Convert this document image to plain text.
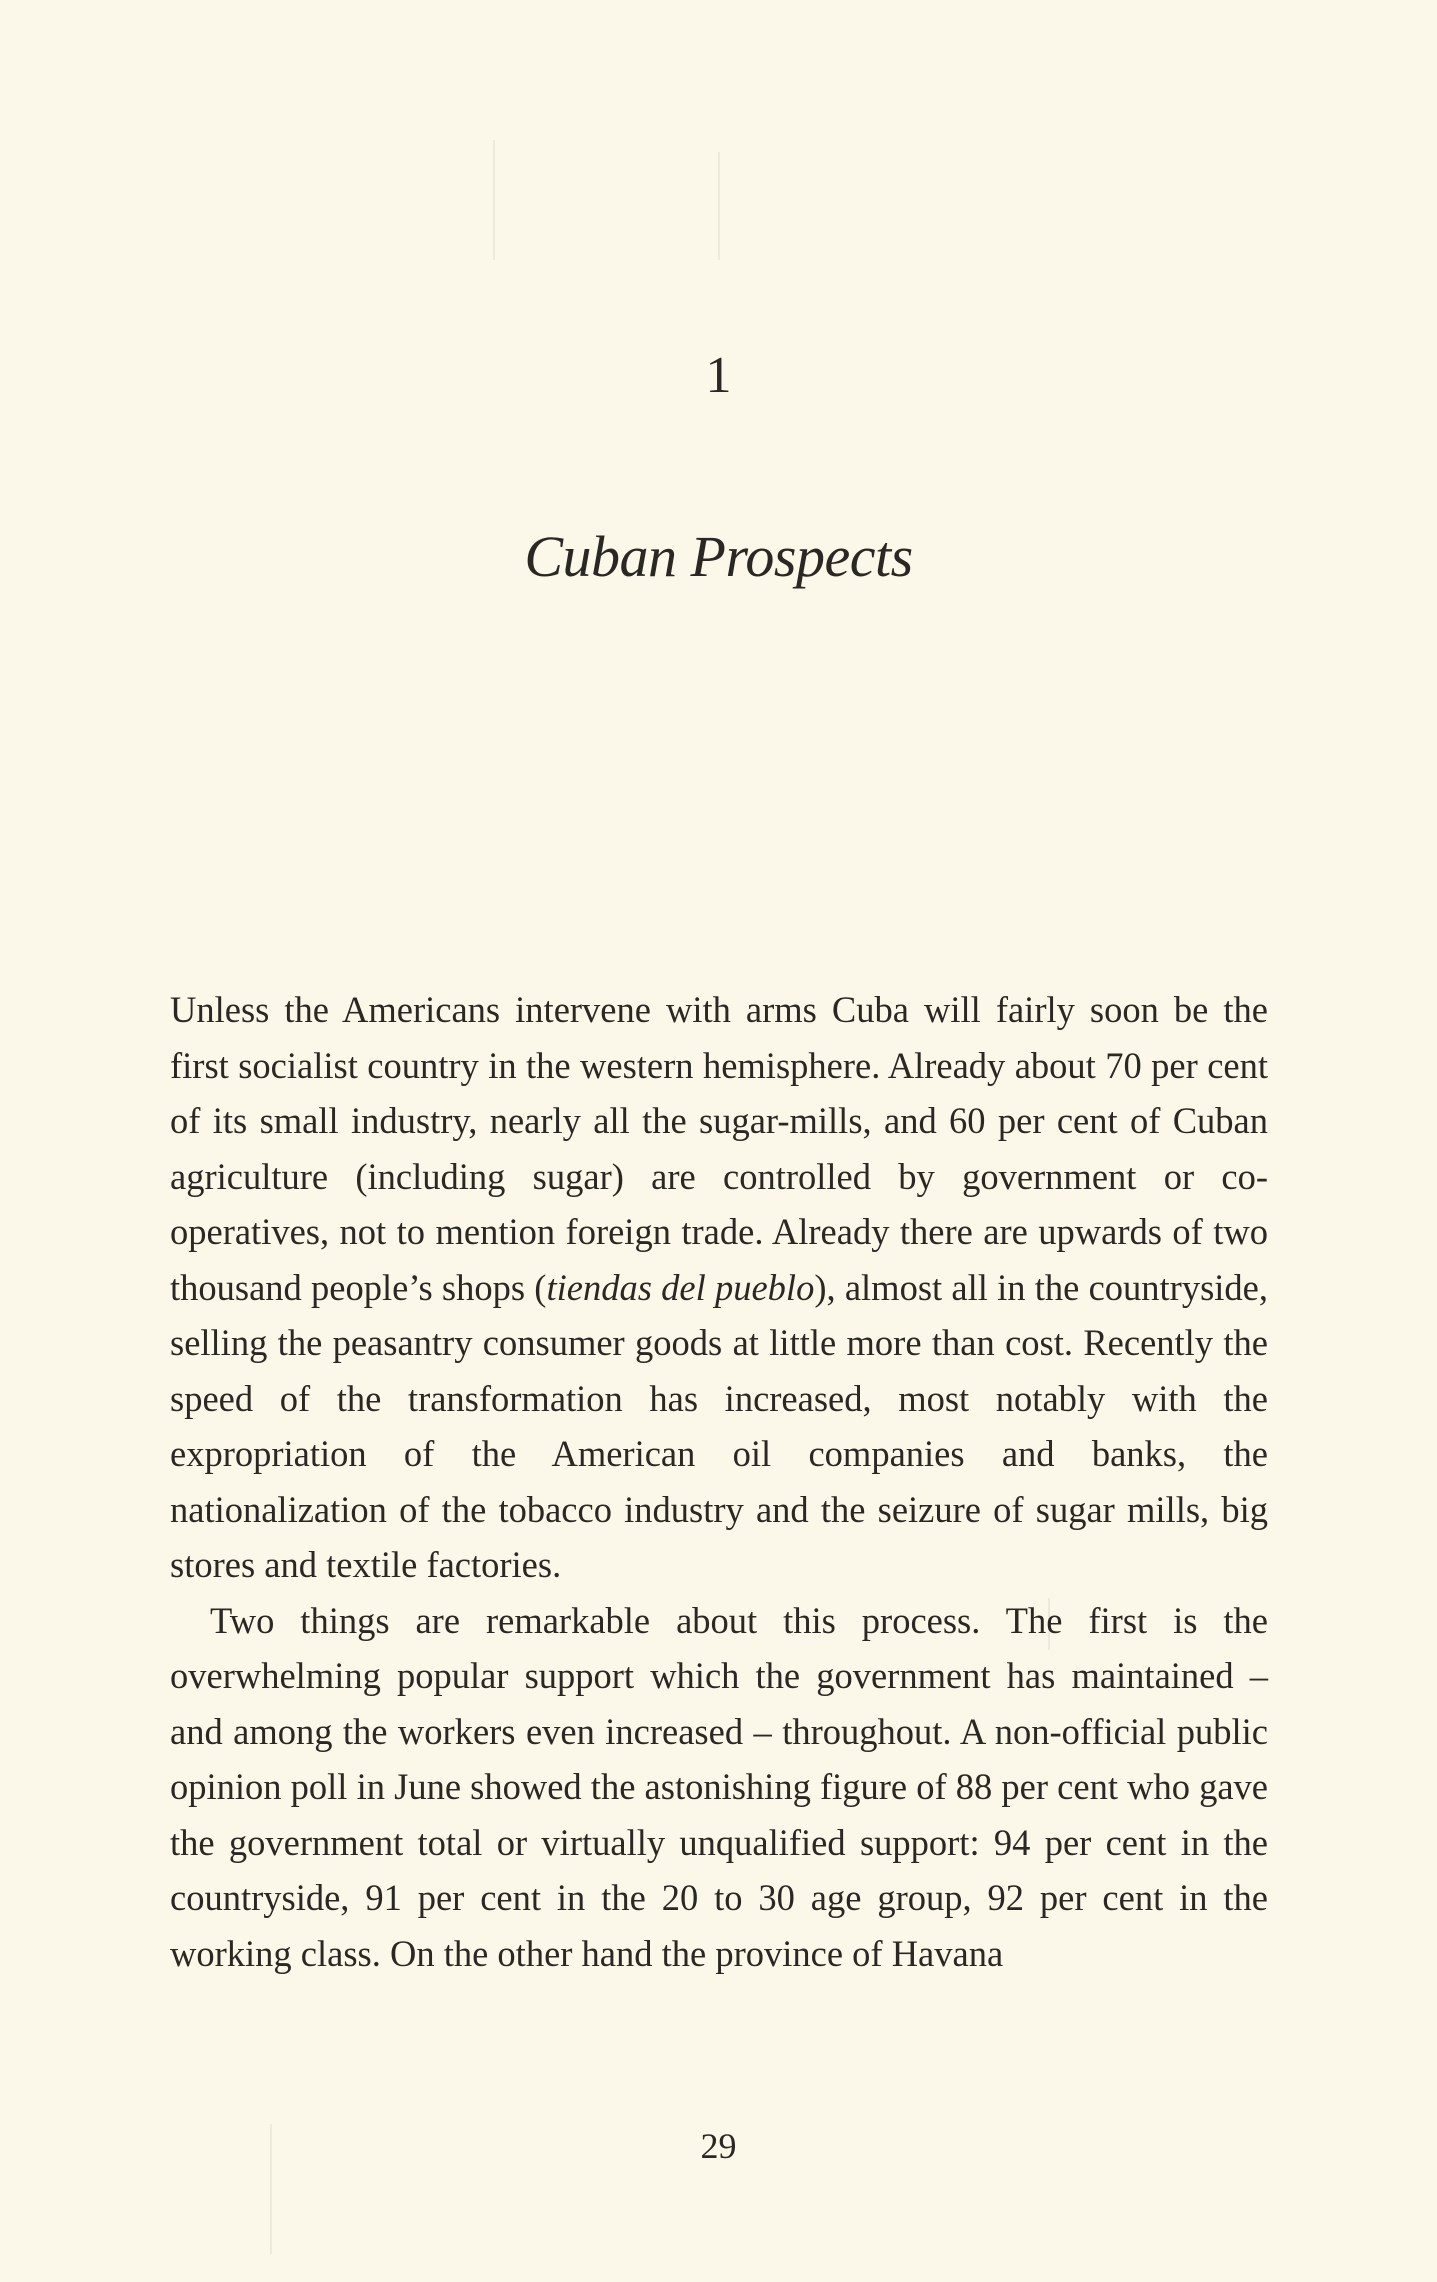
1
Cuban Prospects

Unless the Americans intervene with arms Cuba will fairly soon be the first socialist country in the western hemisphere. Already about 70 per cent of its small industry, nearly all the sugar-mills, and 60 per cent of Cuban agriculture (including sugar) are controlled by government or co-operatives, not to mention foreign trade. Already there are upwards of two thousand people’s shops (tiendas del pueblo), almost all in the countryside, selling the peasantry consumer goods at little more than cost. Recently the speed of the transformation has increased, most notably with the expropriation of the American oil companies and banks, the nationalization of the tobacco industry and the seizure of sugar mills, big stores and textile factories.

Two things are remarkable about this process. The first is the overwhelming popular support which the government has maintained – and among the workers even increased – throughout. A non-official public opinion poll in June showed the astonishing figure of 88 per cent who gave the government total or virtually unqualified support: 94 per cent in the countryside, 91 per cent in the 20 to 30 age group, 92 per cent in the working class. On the other hand the province of Havana

29
